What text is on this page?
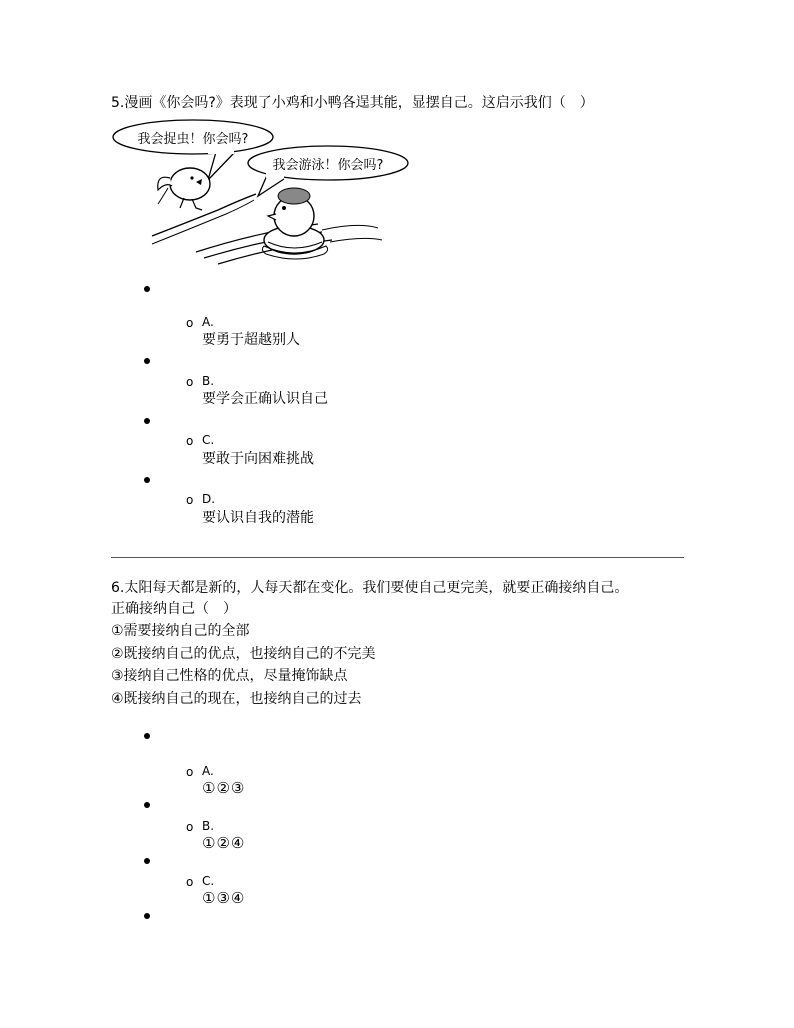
5.漫画《你会吗?》表现了小鸡和小鸭各逞其能，显摆自己。这启示我们（　）
我会捉虫！你会吗?
我会游泳！你会吗?
o A.
要勇于超越别人
o B.
要学会正确认识自己
o C.
要敢于向困难挑战
o D.
要认识自我的潜能
6.太阳每天都是新的，人每天都在变化。我们要使自己更完美，就要正确接纳自己。
正确接纳自己（　）
①需要接纳自己的全部
②既接纳自己的优点，也接纳自己的不完美
③接纳自己性格的优点，尽量掩饰缺点
④既接纳自己的现在，也接纳自己的过去
o A.
①②③
o B.
①②④
o C.
①③④
